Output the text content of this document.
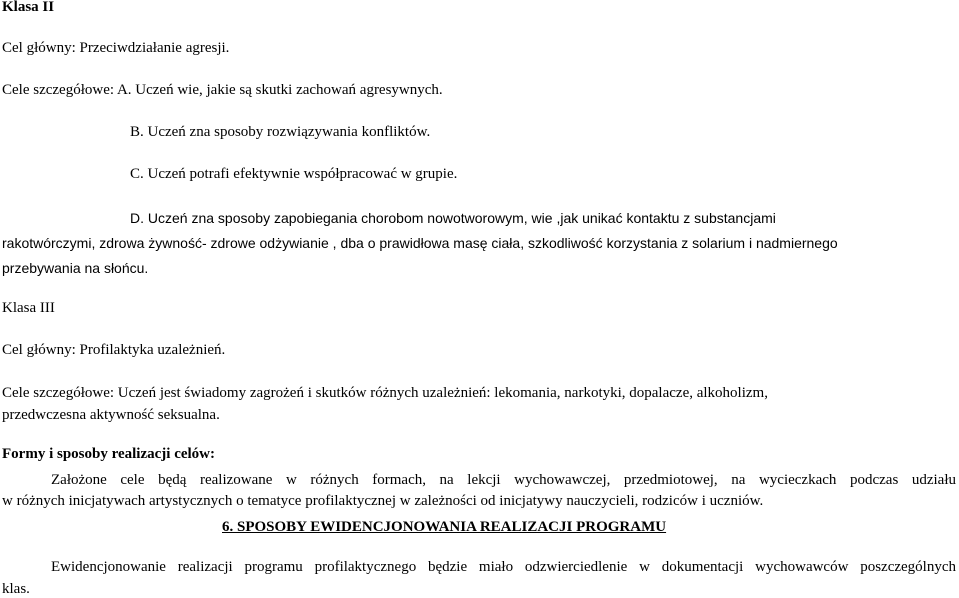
Klasa II
Cel główny: Przeciwdziałanie agresji.
Cele szczegółowe: A. Uczeń wie, jakie są skutki zachowań agresywnych.
B. Uczeń zna sposoby rozwiązywania konfliktów.
C. Uczeń potrafi efektywnie współpracować w grupie.
D. Uczeń zna sposoby zapobiegania chorobom nowotworowym, wie ,jak unikać kontaktu z substancjami
rakotwórczymi, zdrowa żywność- zdrowe odżywianie , dba o prawidłowa masę ciała, szkodliwość korzystania z solarium i nadmiernego
przebywania na słońcu.
Klasa III
Cel główny: Profilaktyka uzależnień.
Cele szczegółowe: Uczeń jest świadomy zagrożeń i skutków różnych uzależnień: lekomania, narkotyki, dopalacze, alkoholizm,
przedwczesna aktywność seksualna.
Formy i sposoby realizacji celów:
Założone cele będą realizowane w różnych formach, na lekcji wychowawczej, przedmiotowej, na wycieczkach podczas udziału
w różnych inicjatywach artystycznych o tematyce profilaktycznej w zależności od inicjatywy nauczycieli, rodziców i uczniów.
6. SPOSOBY EWIDENCJONOWANIA REALIZACJI PROGRAMU
Ewidencjonowanie realizacji programu profilaktycznego będzie miało odzwierciedlenie w dokumentacji wychowawców poszczególnych
klas.
